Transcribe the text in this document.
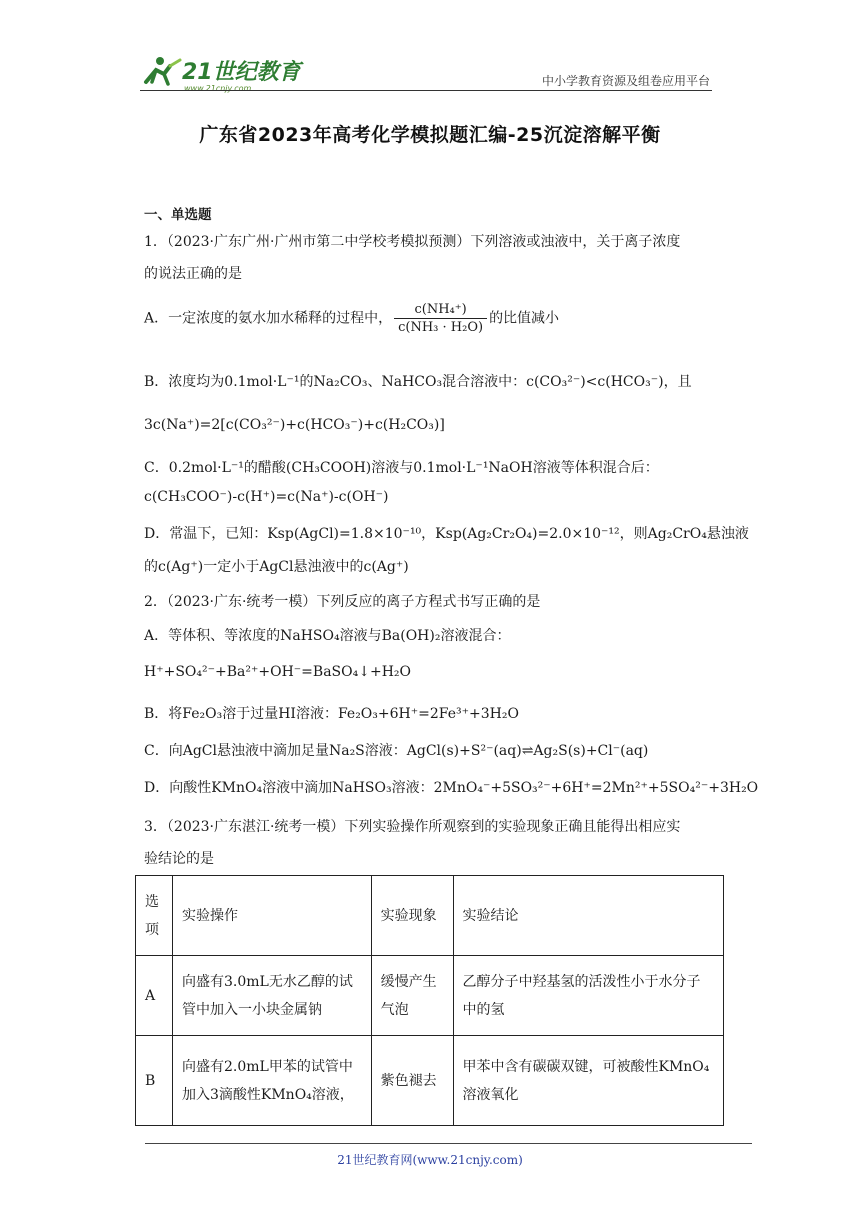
21世纪教育
www.21cnjy.com
中小学教育资源及组卷应用平台
广东省2023年高考化学模拟题汇编-25沉淀溶解平衡
一、单选题
1．（2023·广东广州·广州市第二中学校考模拟预测）下列溶液或浊液中，关于离子浓度
的说法正确的是
A．一定浓度的氨水加水稀释的过程中， $\frac{\text{c(NH₄⁺)}}{\text{c(NH₃ · H₂O)}}$ 的比值减小
B．浓度均为0.1mol·L⁻¹的Na₂CO₃、NaHCO₃混合溶液中：c(CO₃²⁻)<c(HCO₃⁻)，且
3c(Na⁺)=2[c(CO₃²⁻)+c(HCO₃⁻)+c(H₂CO₃)]
C．0.2mol·L⁻¹的醋酸(CH₃COOH)溶液与0.1mol·L⁻¹NaOH溶液等体积混合后：
c(CH₃COO⁻)-c(H⁺)=c(Na⁺)-c(OH⁻)
D．常温下，已知：Ksp(AgCl)=1.8×10⁻¹⁰，Ksp(Ag₂Cr₂O₄)=2.0×10⁻¹²，则Ag₂CrO₄悬浊液
的c(Ag⁺)一定小于AgCl悬浊液中的c(Ag⁺)
2．（2023·广东·统考一模）下列反应的离子方程式书写正确的是
A．等体积、等浓度的NaHSO₄溶液与Ba(OH)₂溶液混合：
H⁺+SO₄²⁻+Ba²⁺+OH⁻=BaSO₄↓+H₂O
B．将Fe₂O₃溶于过量HI溶液：Fe₂O₃+6H⁺=2Fe³⁺+3H₂O
C．向AgCl悬浊液中滴加足量Na₂S溶液：AgCl(s)+S²⁻(aq)⇌Ag₂S(s)+Cl⁻(aq)
D．向酸性KMnO₄溶液中滴加NaHSO₃溶液：2MnO₄⁻+5SO₃²⁻+6H⁺=2Mn²⁺+5SO₄²⁻+3H₂O
3．（2023·广东湛江·统考一模）下列实验操作所观察到的实验现象正确且能得出相应实
验结论的是
选项	实验操作	实验现象	实验结论
A	向盛有3.0mL无水乙醇的试管中加入一小块金属钠	缓慢产生气泡	乙醇分子中羟基氢的活泼性小于水分子中的氢
B	向盛有2.0mL甲苯的试管中加入3滴酸性KMnO₄溶液，	紫色褪去	甲苯中含有碳碳双键，可被酸性KMnO₄溶液氧化
21世纪教育网(www.21cnjy.com)
